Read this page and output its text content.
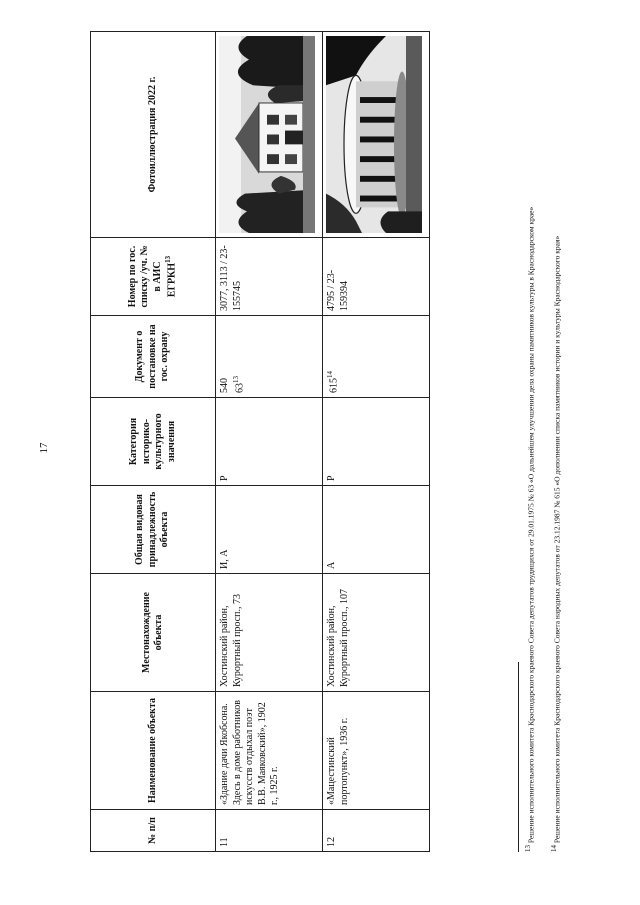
17
№ п/п	Наименование объекта	Местонахождение объекта	Общая видовая принадлежность объекта	Категория историко-культурного значения	Документ о постановке на гос. охрану	Номер по гос. списку /уч. № в АИС ЕГРКН$^{13}$	Фотоиллюстрация 2022 г.
11	«Здание дачи Якобсона. Здесь в доме работников искусств отдыхал поэт В.В. Маяковский», 1902 г., 1925 г.	Хостинский район, Курортный просп., 73	И, А	Р	540 $63^{13}$	3077, 3113 / 23-155745	

12	«Мацестинский портопункт», 1936 г.	Хостинский район, Курортный просп., 107	А	Р	$615^{14}$	4795 / 23-159394	
$^{13}$ Решение исполнительного комитета Краснодарского краевого Совета депутатов трудящихся от 29.01.1975 № 63 «О дальнейшем улучшении дела охраны памятников культуры в Краснодарском крае»
$^{14}$ Решение исполнительного комитета Краснодарского краевого Совета народных депутатов от 23.12.1987 № 615 «О дополнении списка памятников истории и культуры Краснодарского края»
